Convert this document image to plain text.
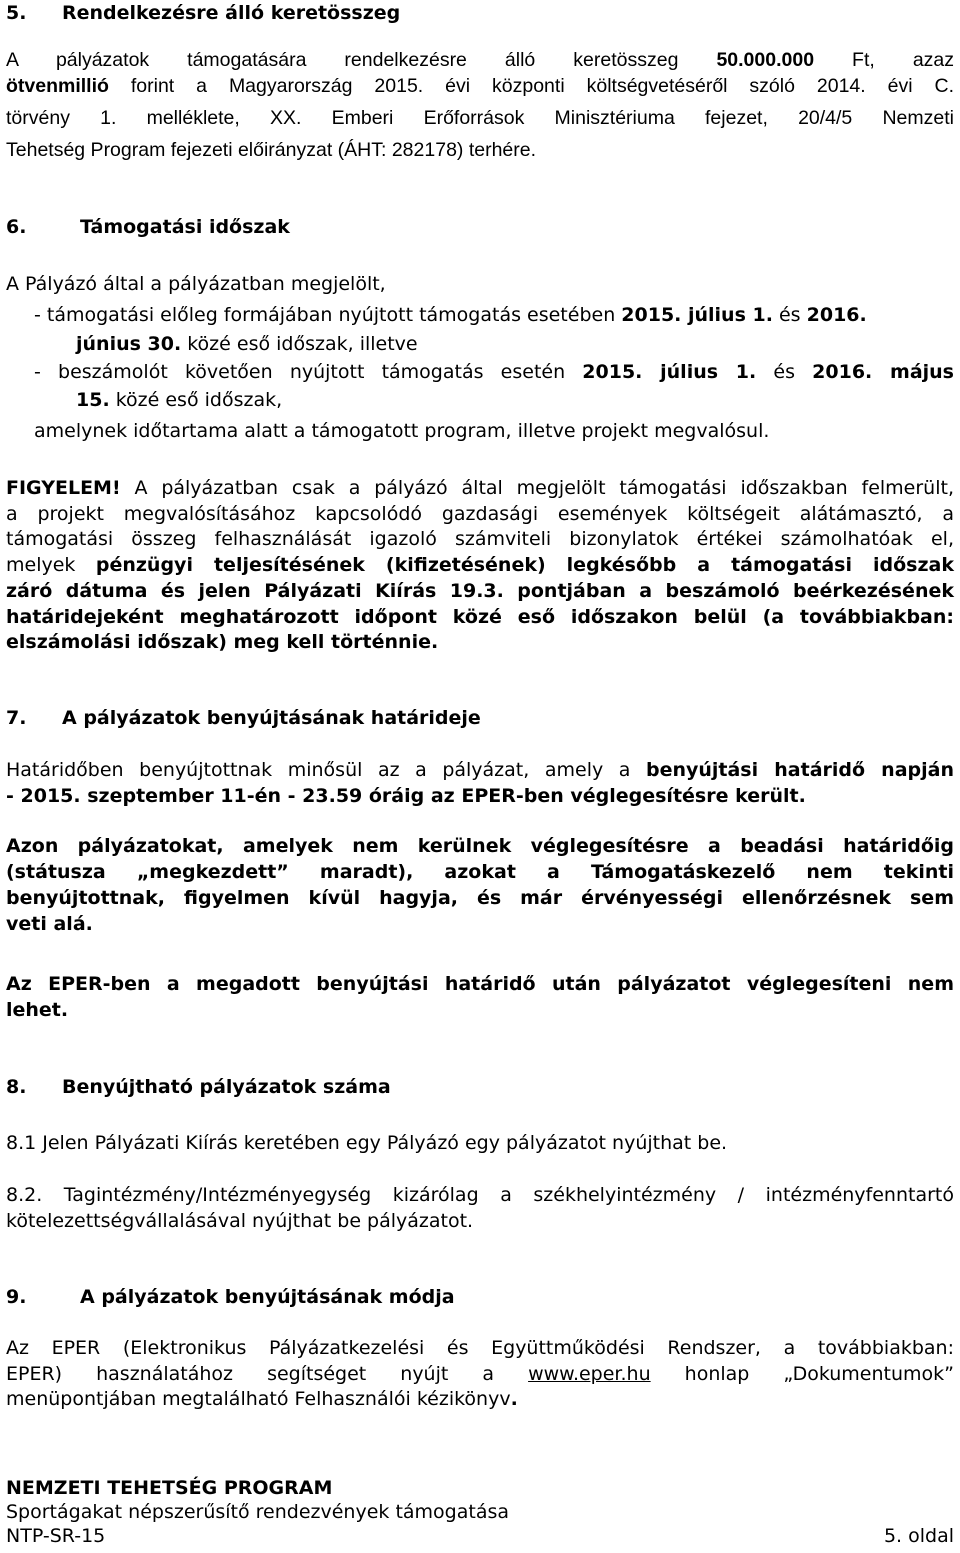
5. Rendelkezésre álló keretösszeg
A pályázatok támogatására rendelkezésre álló keretösszeg 50.000.000 Ft, azaz
ötvenmillió forint a Magyarország 2015. évi központi költségvetéséről szóló 2014. évi C.
törvény 1. melléklete, XX. Emberi Erőforrások Minisztériuma fejezet, 20/4/5 Nemzeti
Tehetség Program fejezeti előirányzat (ÁHT: 282178) terhére.
6.	Támogatási időszak
A Pályázó által a pályázatban megjelölt,
- támogatási előleg formájában nyújtott támogatás esetében 2015. július 1. és 2016.
június 30. közé eső időszak, illetve
- beszámolót követően nyújtott támogatás esetén 2015. július 1. és 2016. május
15. közé eső időszak,
amelynek időtartama alatt a támogatott program, illetve projekt megvalósul.
FIGYELEM! A pályázatban csak a pályázó által megjelölt támogatási időszakban felmerült,
a projekt megvalósításához kapcsolódó gazdasági események költségeit alátámasztó, a
támogatási összeg felhasználását igazoló számviteli bizonylatok értékei számolhatóak el,
melyek pénzügyi teljesítésének (kifizetésének) legkésőbb a támogatási időszak
záró dátuma és jelen Pályázati Kiírás 19.3. pontjában a beszámoló beérkezésének
határidejeként meghatározott időpont közé eső időszakon belül (a továbbiakban:
elszámolási időszak) meg kell történnie.
7. A pályázatok benyújtásának határideje
Határidőben benyújtottnak minősül az a pályázat, amely a benyújtási határidő napján
- 2015. szeptember 11-én - 23.59 óráig az EPER-ben véglegesítésre került.
Azon pályázatokat, amelyek nem kerülnek véglegesítésre a beadási határidőig
(státusza „megkezdett” maradt), azokat a Támogatáskezelő nem tekinti
benyújtottnak, figyelmen kívül hagyja, és már érvényességi ellenőrzésnek sem
veti alá.
Az EPER-ben a megadott benyújtási határidő után pályázatot véglegesíteni nem
lehet.
8. Benyújtható pályázatok száma
8.1 Jelen Pályázati Kiírás keretében egy Pályázó egy pályázatot nyújthat be.
8.2. Tagintézmény/Intézményegység kizárólag a székhelyintézmény / intézményfenntartó
kötelezettségvállalásával nyújthat be pályázatot.
9.	A pályázatok benyújtásának módja
Az EPER (Elektronikus Pályázatkezelési és Együttműködési Rendszer, a továbbiakban:
EPER) használatához segítséget nyújt a www.eper.hu honlap „Dokumentumok”
menüpontjában megtalálható Felhasználói kézikönyv.
NEMZETI TEHETSÉG PROGRAM
Sportágakat népszerűsítő rendezvények támogatása
NTP-SR-15	5. oldal
